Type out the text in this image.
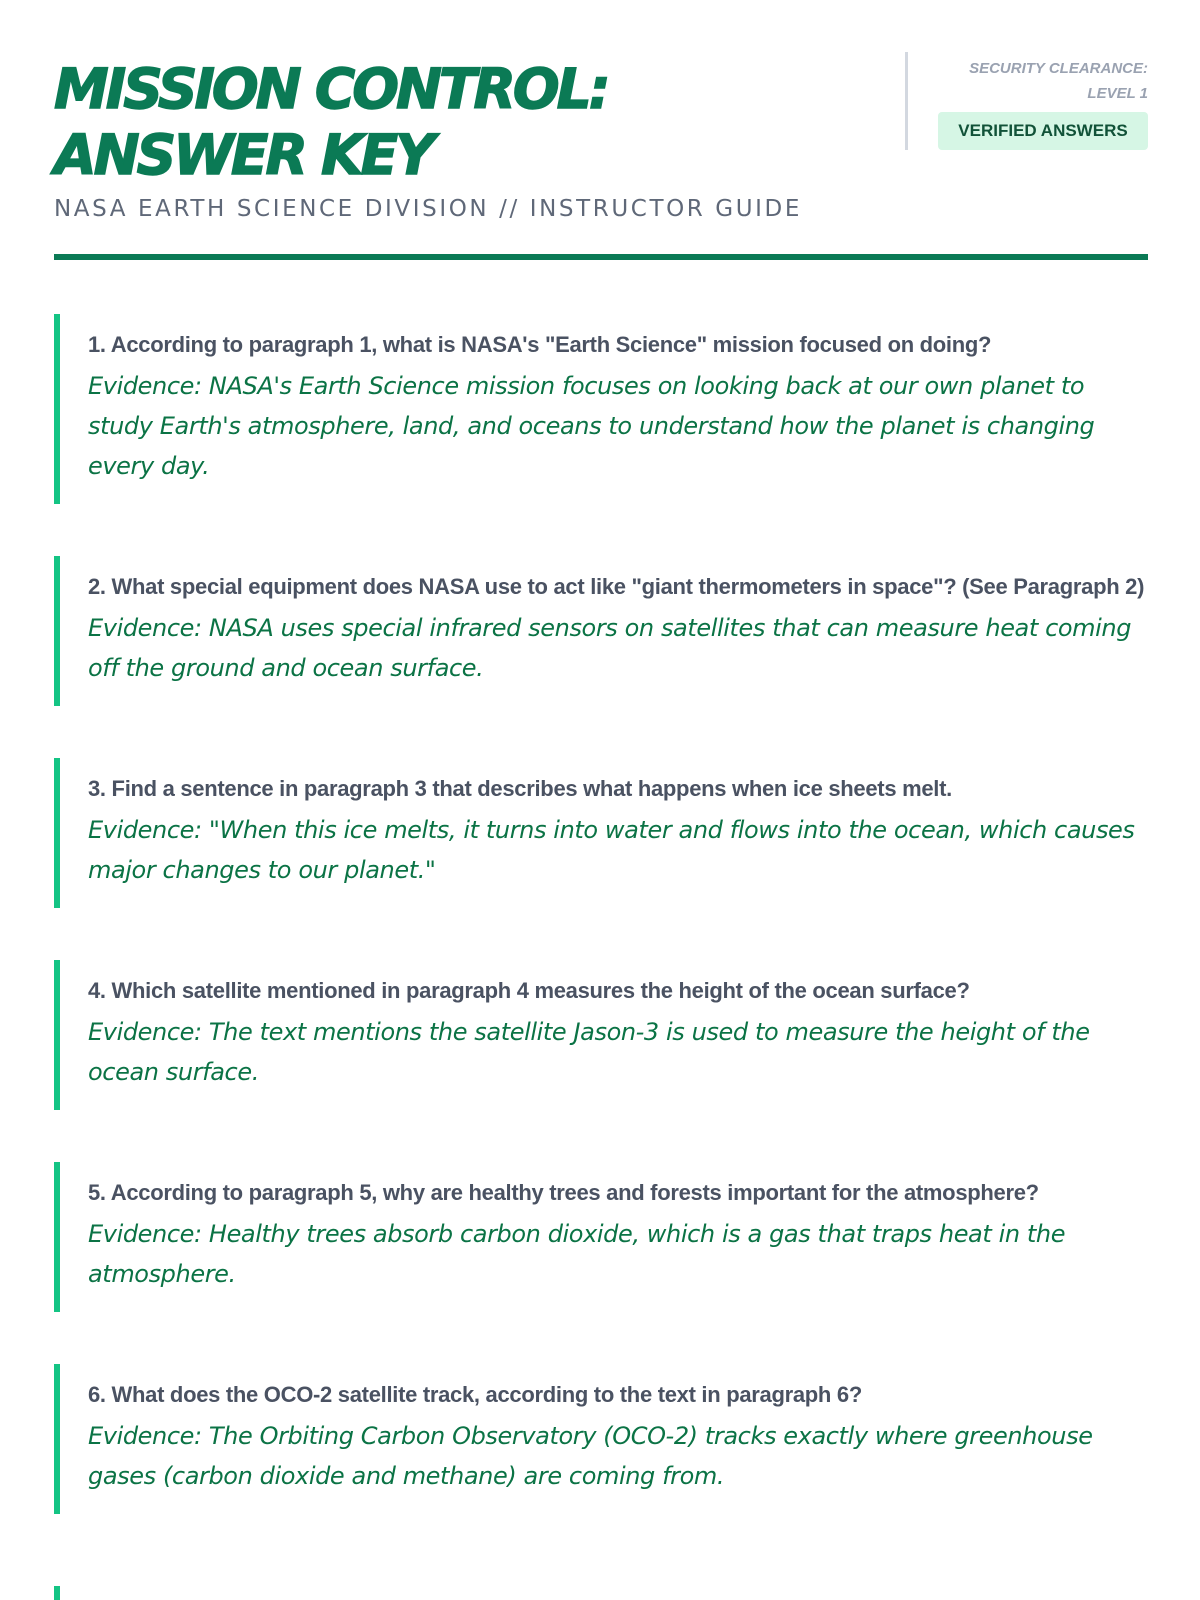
MISSION CONTROL:
ANSWER KEY
NASA EARTH SCIENCE DIVISION // INSTRUCTOR GUIDE
SECURITY CLEARANCE:
LEVEL 1
VERIFIED ANSWERS
1. According to paragraph 1, what is NASA's "Earth Science" mission focused on doing?
Evidence: NASA's Earth Science mission focuses on looking back at our own planet to study Earth's atmosphere, land, and oceans to understand how the planet is changing every day.
2. What special equipment does NASA use to act like "giant thermometers in space"? (See Paragraph 2)
Evidence: NASA uses special infrared sensors on satellites that can measure heat coming off the ground and ocean surface.
3. Find a sentence in paragraph 3 that describes what happens when ice sheets melt.
Evidence: "When this ice melts, it turns into water and flows into the ocean, which causes major changes to our planet."
4. Which satellite mentioned in paragraph 4 measures the height of the ocean surface?
Evidence: The text mentions the satellite Jason-3 is used to measure the height of the ocean surface.
5. According to paragraph 5, why are healthy trees and forests important for the atmosphere?
Evidence: Healthy trees absorb carbon dioxide, which is a gas that traps heat in the atmosphere.
6. What does the OCO-2 satellite track, according to the text in paragraph 6?
Evidence: The Orbiting Carbon Observatory (OCO-2) tracks exactly where greenhouse gases (carbon dioxide and methane) are coming from.
